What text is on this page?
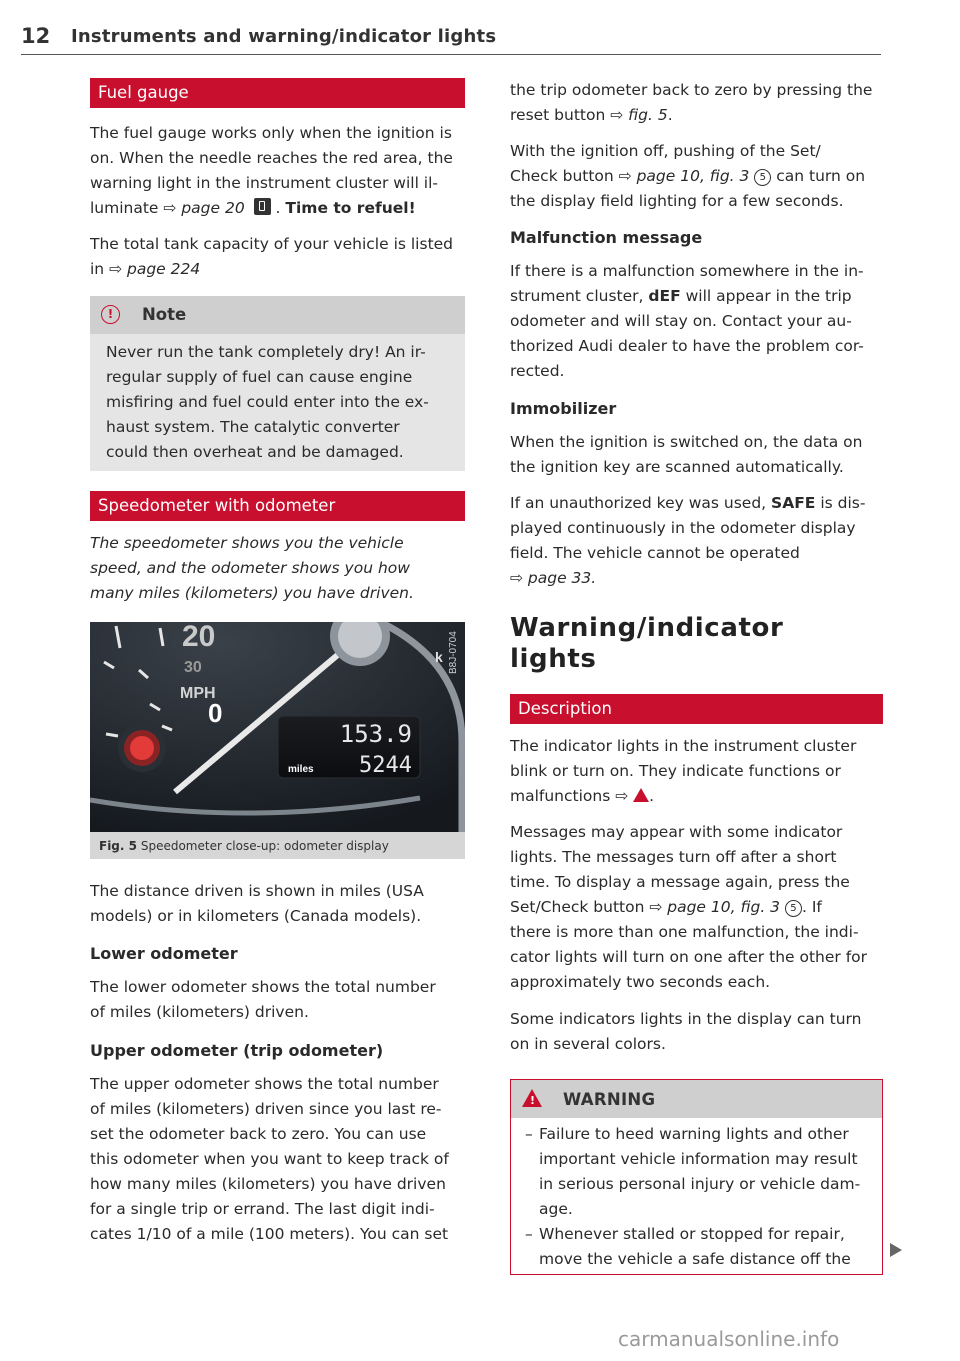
12 Instruments and warning/indicator lights
Fuel gauge

The fuel gauge works only when the ignition is
on. When the needle reaches the red area, the
warning light in the instrument cluster will il-
luminate ⇨ page 20
. Time to refuel!

The total tank capacity of your vehicle is listed
in ⇨ page 224

!	Note

Never run the tank completely dry! An ir-
regular supply of fuel can cause engine
misfiring and fuel could enter into the ex-
haust system. The catalytic converter
could then overheat and be damaged.

Speedometer with odometer

The speedometer shows you the vehicle
speed, and the odometer shows you how
many miles (kilometers) you have driven.

20
30
MPH
0
153.9
5244
miles
k B8J-0704
Fig. 5 Speedometer close-up: odometer display

The distance driven is shown in miles (USA
models) or in kilometers (Canada models).

Lower odometer

The lower odometer shows the total number
of miles (kilometers) driven.

Upper odometer (trip odometer)

The upper odometer shows the total number
of miles (kilometers) driven since you last re-
set the odometer back to zero. You can use
this odometer when you want to keep track of
how many miles (kilometers) you have driven
for a single trip or errand. The last digit indi-
cates 1/10 of a mile (100 meters). You can set

the trip odometer back to zero by pressing the
reset button ⇨ fig. 5.

With the ignition off, pushing of the Set/
Check button ⇨ page 10, fig. 3 5 can turn on
the display field lighting for a few seconds.

Malfunction message

If there is a malfunction somewhere in the in-
strument cluster, dEF will appear in the trip
odometer and will stay on. Contact your au-
thorized Audi dealer to have the problem cor-
rected.

Immobilizer

When the ignition is switched on, the data on
the ignition key are scanned automatically.

If an unauthorized key was used, SAFE is dis-
played continuously in the odometer display
field. The vehicle cannot be operated
⇨ page 33.

Warning/indicator
lights
Description

The indicator lights in the instrument cluster
blink or turn on. They indicate functions or
malfunctions ⇨ .

Messages may appear with some indicator
lights. The messages turn off after a short
time. To display a message again, press the
Set/Check button ⇨ page 10, fig. 3 5 . If
there is more than one malfunction, the indi-
cator lights will turn on one after the other for
approximately two seconds each.

Some indicators lights in the display can turn
on in several colors.

! WARNING
– Failure to heed warning lights and other
important vehicle information may result
in serious personal injury or vehicle dam-
age.
– Whenever stalled or stopped for repair,
move the vehicle a safe distance off the
carmanualsonline.info
